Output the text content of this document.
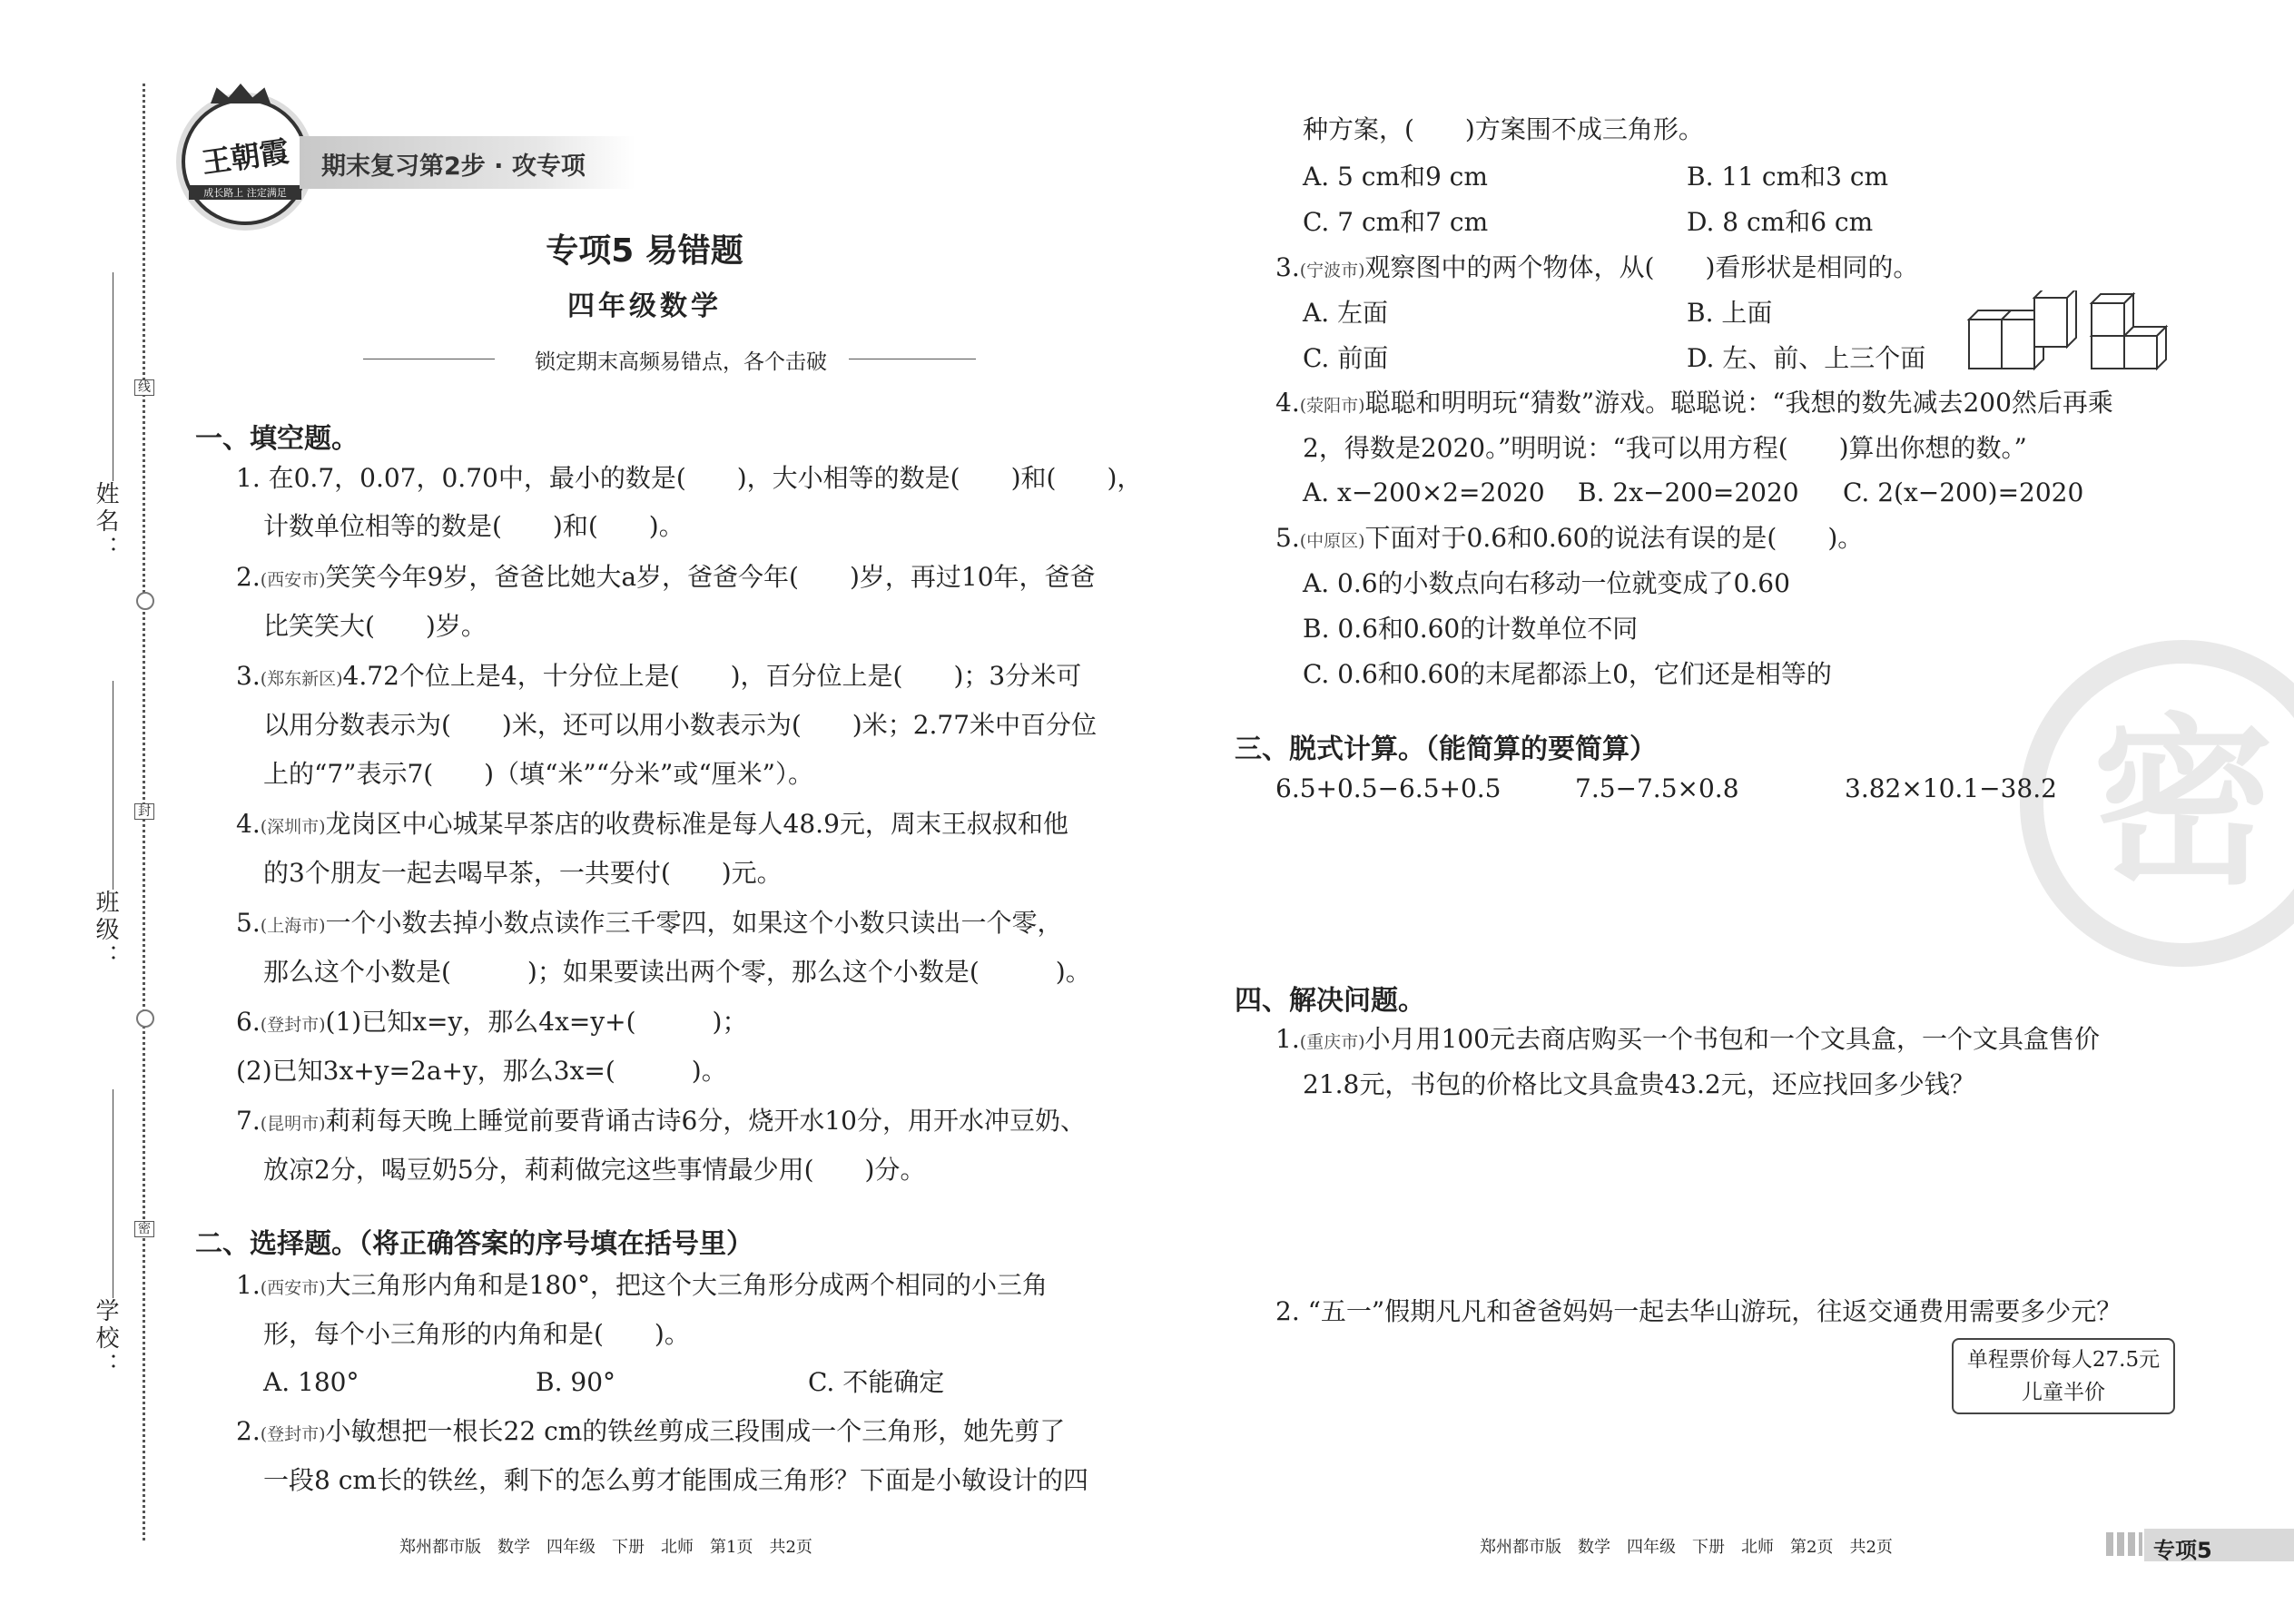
姓名：
班级：
学校：
线
封
密
王朝霞
成长路上 注定满足
期末复习第2步 · 攻专项
专项5 易错题
四年级数学
锁定期末高频易错点，各个击破
一、填空题。
1. 在0.7，0.07，0.70中，最小的数是(　　)，大小相等的数是(　　)和(　　)，
计数单位相等的数是(　　)和(　　)。
2.(西安市)笑笑今年9岁，爸爸比她大a岁，爸爸今年(　　)岁，再过10年，爸爸
比笑笑大(　　)岁。
3.(郑东新区)4.72个位上是4，十分位上是(　　)，百分位上是(　　)；3分米可
以用分数表示为(　　)米，还可以用小数表示为(　　)米；2.77米中百分位
上的“7”表示7(　　)（填“米”“分米”或“厘米”）。
4.(深圳市)龙岗区中心城某早茶店的收费标准是每人48.9元，周末王叔叔和他
的3个朋友一起去喝早茶，一共要付(　　)元。
5.(上海市)一个小数去掉小数点读作三千零四，如果这个小数只读出一个零，
那么这个小数是(　　　)；如果要读出两个零，那么这个小数是(　　　)。
6.(登封市)(1)已知x=y，那么4x=y+(　　　)；
(2)已知3x+y=2a+y，那么3x=(　　　)。
7.(昆明市)莉莉每天晚上睡觉前要背诵古诗6分，烧开水10分，用开水冲豆奶、
放凉2分，喝豆奶5分，莉莉做完这些事情最少用(　　)分。
二、选择题。（将正确答案的序号填在括号里）
1.(西安市)大三角形内角和是180°，把这个大三角形分成两个相同的小三角
形，每个小三角形的内角和是(　　)。
A. 180°	B. 90°	C. 不能确定
2.(登封市)小敏想把一根长22 cm的铁丝剪成三段围成一个三角形，她先剪了
一段8 cm长的铁丝，剩下的怎么剪才能围成三角形？下面是小敏设计的四
种方案，(　　)方案围不成三角形。
A. 5 cm和9 cm	B. 11 cm和3 cm
C. 7 cm和7 cm	D. 8 cm和6 cm
3.(宁波市)观察图中的两个物体，从(　　)看形状是相同的。
A. 左面	B. 上面
C. 前面	D. 左、前、上三个面
4.(荥阳市)聪聪和明明玩“猜数”游戏。聪聪说：“我想的数先减去200然后再乘
2，得数是2020。”明明说：“我可以用方程(　　)算出你想的数。”
A. x−200×2=2020 B. 2x−200=2020 C. 2(x−200)=2020
5.(中原区)下面对于0.6和0.60的说法有误的是(　　)。
A. 0.6的小数点向右移动一位就变成了0.60
B. 0.6和0.60的计数单位不同
C. 0.6和0.60的末尾都添上0，它们还是相等的
密
三、脱式计算。（能简算的要简算）
6.5+0.5−6.5+0.5	7.5−7.5×0.8	3.82×10.1−38.2
四、解决问题。
1.(重庆市)小月用100元去商店购买一个书包和一个文具盒，一个文具盒售价
21.8元，书包的价格比文具盒贵43.2元，还应找回多少钱？
2. “五一”假期凡凡和爸爸妈妈一起去华山游玩，往返交通费用需要多少元？
单程票价每人27.5元
儿童半价
郑州都市版　数学　四年级　下册　北师　第1页　共2页	郑州都市版　数学　四年级　下册　北师　第2页　共2页	专项5
